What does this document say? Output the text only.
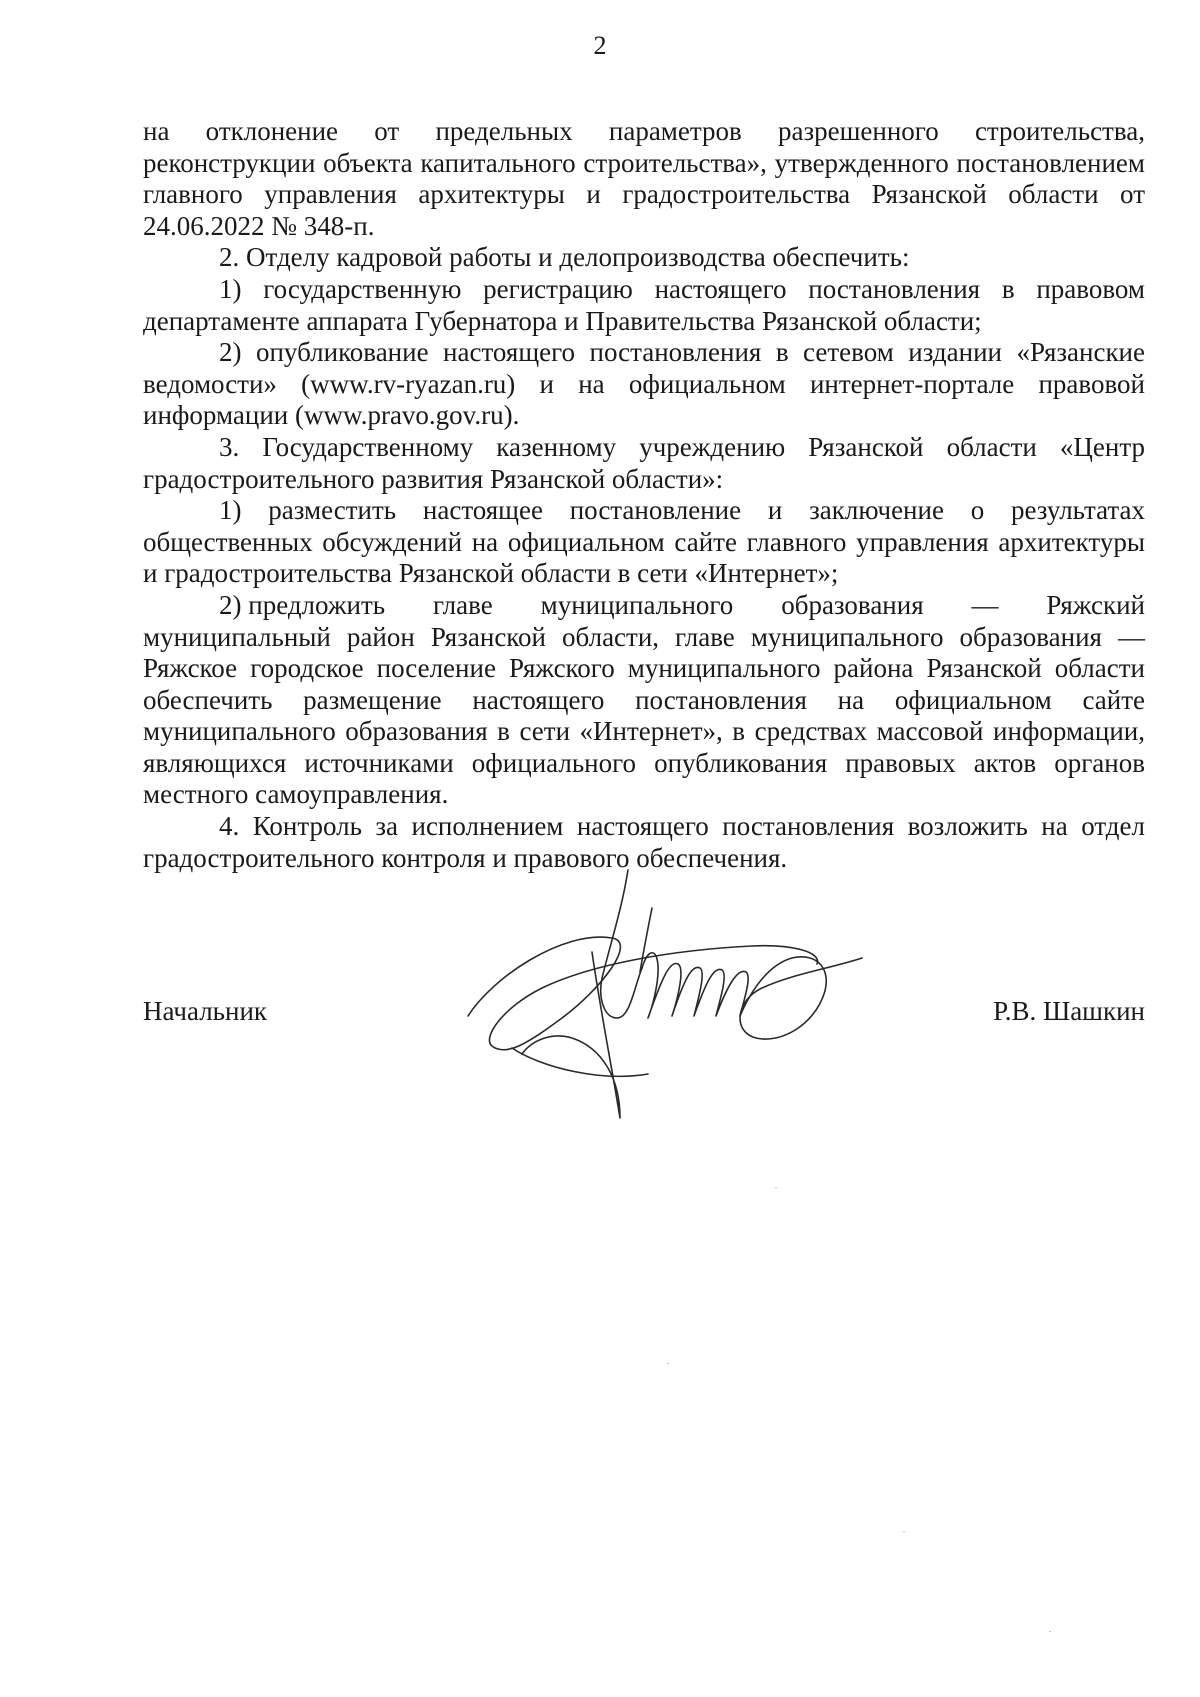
2

на отклонение от предельных параметров разрешенного строительства, реконструкции объекта капитального строительства», утвержденного постановлением главного управления архитектуры и градостроительства Рязанской области от 24.06.2022 № 348-п.

2. Отделу кадровой работы и делопроизводства обеспечить:

1) государственную регистрацию настоящего постановления в правовом департаменте аппарата Губернатора и Правительства Рязанской области;

2) опубликование настоящего постановления в сетевом издании «Рязанские ведомости» (www.rv-ryazan.ru) и на официальном интернет-портале правовой информации (www.pravo.gov.ru).

3. Государственному казенному учреждению Рязанской области «Центр градостроительного развития Рязанской области»:

1) разместить настоящее постановление и заключение о результатах общественных обсуждений на официальном сайте главного управления архитектуры и градостроительства Рязанской области в сети «Интернет»;

2) предложить главе муниципального образования — Ряжский

муниципальный район Рязанской области, главе муниципального образования — Ряжское городское поселение Ряжского муниципального района Рязанской области обеспечить размещение настоящего постановления на официальном сайте муниципального образования в сети «Интернет», в средствах массовой информации, являющихся источниками официального опубликования правовых актов органов местного самоуправления.

4. Контроль за исполнением настоящего постановления возложить на отдел градостроительного контроля и правового обеспечения.

Начальник	Р.В. Шашкин
